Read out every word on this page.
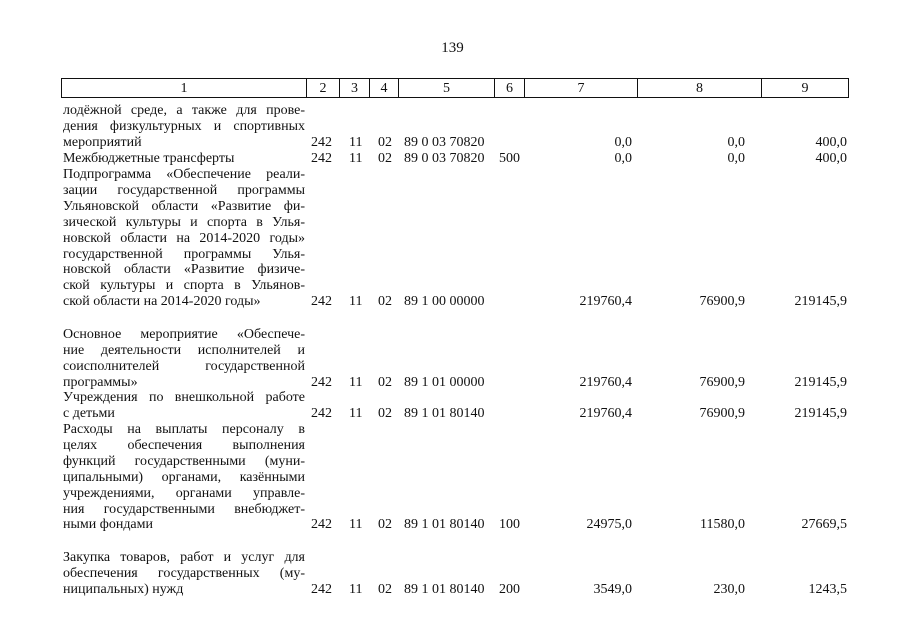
139
1	2	3	4	5	6	7	8	9
лодёжной среде, а также для прове-
дения физкультурных и спортивных
мероприятий	242 11 02 89 0 03 70820	0,0	0,0	400,0
Межбюджетные трансферты	242 11 02 89 0 03 70820 500	0,0	0,0	400,0
Подпрограмма «Обеспечение реали-
зации государственной программы
Ульяновской области «Развитие фи-
зической культуры и спорта в Улья-
новской области на 2014-2020 годы»
государственной программы Улья-
новской области «Развитие физиче-
ской культуры и спорта в Ульянов-
ской области на 2014-2020 годы»	242 11 02 89 1 00 00000	219760,4	76900,9	219145,9
Основное мероприятие «Обеспече-
ние деятельности исполнителей и
соисполнителей государственной
программы»	242 11 02 89 1 01 00000	219760,4	76900,9	219145,9
Учреждения по внешкольной работе
с детьми	242 11 02 89 1 01 80140	219760,4	76900,9	219145,9
Расходы на выплаты персоналу в
целях обеспечения выполнения
функций государственными (муни-
ципальными) органами, казёнными
учреждениями, органами управле-
ния государственными внебюджет-
ными фондами	242 11 02 89 1 01 80140 100	24975,0	11580,0	27669,5
Закупка товаров, работ и услуг для
обеспечения государственных (му-
ниципальных) нужд	242 11 02 89 1 01 80140 200	3549,0	230,0	1243,5
